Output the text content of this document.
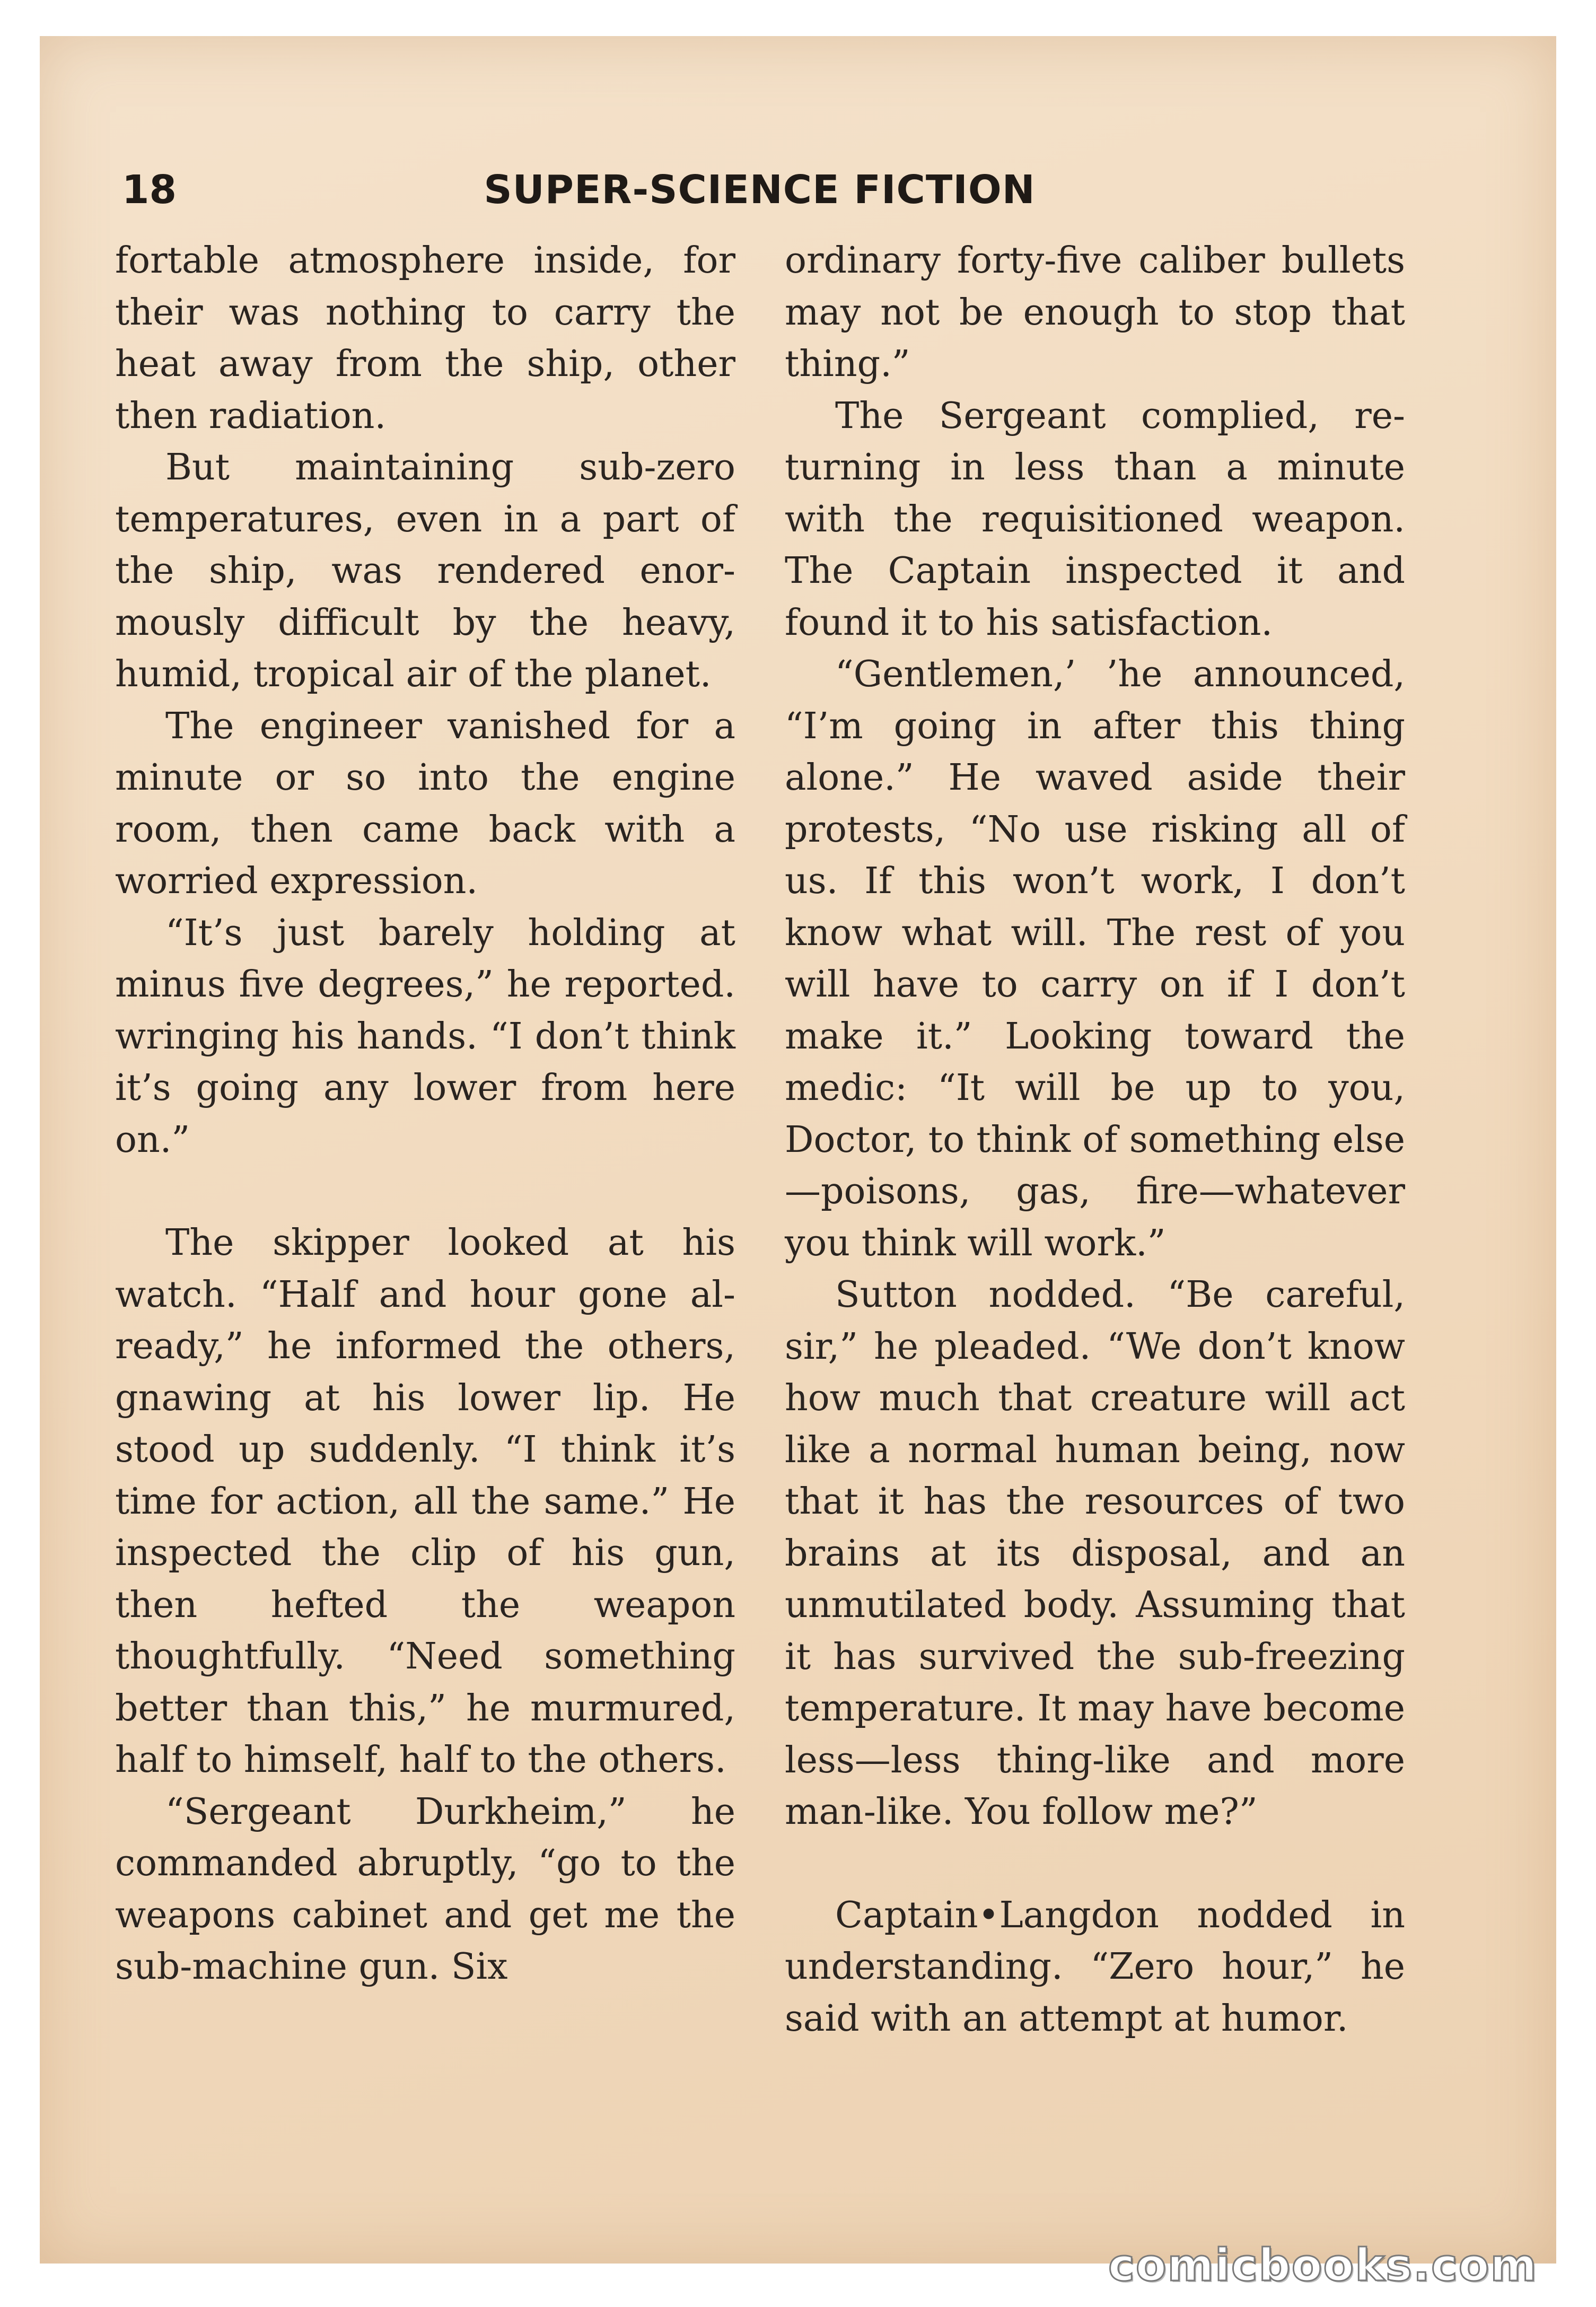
18	SUPER-SCIENCE FICTION

fortable atmosphere inside, for their was nothing to carry the heat away from the ship, other then radiation.

But maintaining sub-zero temperatures, even in a part of the ship, was rendered enormously difficult by the heavy, humid, tropical air of the planet.

The engineer vanished for a minute or so into the engine room, then came back with a worried expression.

“It’s just barely holding at minus five degrees,” he reported. wringing his hands. “I don’t think it’s going any lower from here on.”

The skipper looked at his watch. “Half and hour gone already,” he informed the others, gnawing at his lower lip. He stood up suddenly. “I think it’s time for action, all the same.” He inspected the clip of his gun, then hefted the weapon thoughtfully. “Need something better than this,” he murmured, half to himself, half to the others.

“Sergeant Durkheim,” he commanded abruptly, “go to the weapons cabinet and get me the sub-machine gun. Six

ordinary forty-five caliber bullets may not be enough to stop that thing.”

The Sergeant complied, returning in less than a minute with the requisitioned weapon. The Captain inspected it and found it to his satisfaction.

“Gentlemen,’ ’he announced, “I’m going in after this thing alone.” He waved aside their protests, “No use risking all of us. If this won’t work, I don’t know what will. The rest of you will have to carry on if I don’t make it.” Looking toward the medic: “It will be up to you, Doctor, to think of something else—poisons, gas, fire—whatever you think will work.”

Sutton nodded. “Be careful, sir,” he pleaded. “We don’t know how much that creature will act like a normal human being, now that it has the resources of two brains at its disposal, and an unmutilated body. Assuming that it has survived the sub-freezing temperature. It may have become less—less thing-like and more man-like. You follow me?”

Captain•Langdon nodded in understanding. “Zero hour,” he said with an attempt at humor.

comicbooks.com
